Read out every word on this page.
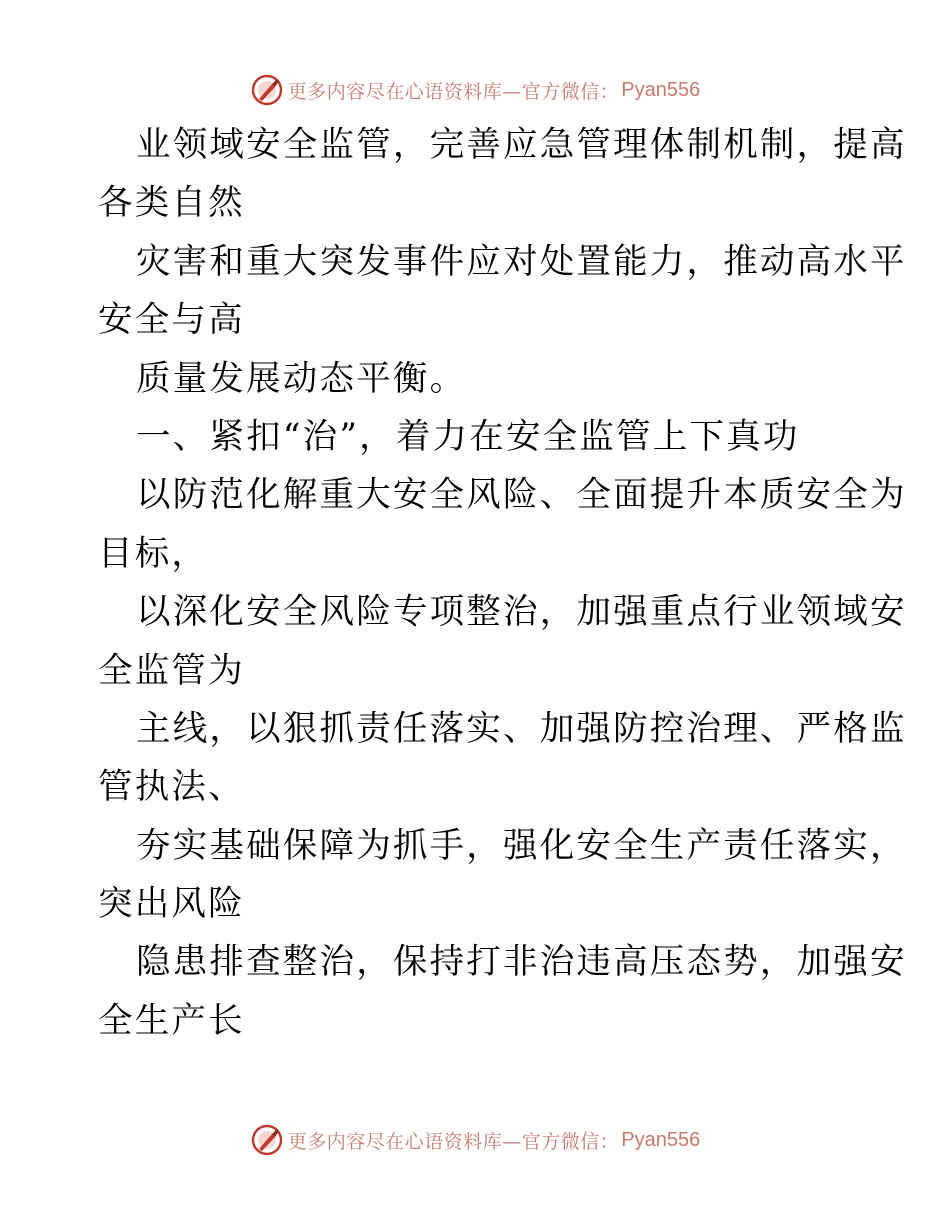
更多内容尽在心语资料库—官方微信： Pyan556
业领域安全监管，完善应急管理体制机制，提高
各类自然
灾害和重大突发事件应对处置能力，推动高水平
安全与高
质量发展动态平衡。
一、紧扣“治”，着力在安全监管上下真功
以防范化解重大安全风险、全面提升本质安全为
目标，
以深化安全风险专项整治，加强重点行业领域安
全监管为
主线，以狠抓责任落实、加强防控治理、严格监
管执法、
夯实基础保障为抓手，强化安全生产责任落实，
突出风险
隐患排查整治，保持打非治违高压态势，加强安
全生产长
更多内容尽在心语资料库—官方微信： Pyan556
